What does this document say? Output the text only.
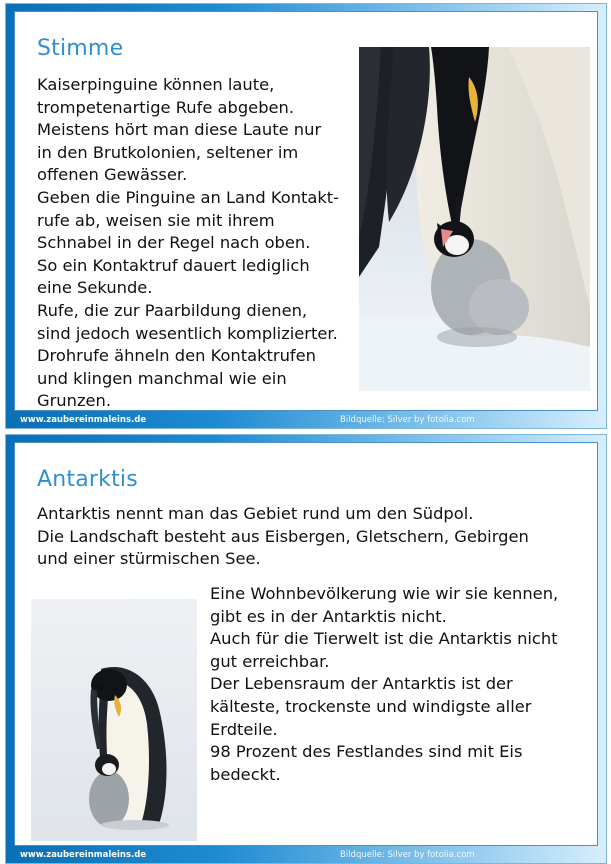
Stimme
Kaiserpinguine können laute,
trompetenartige Rufe abgeben.
Meistens hört man diese Laute nur
in den Brutkolonien, seltener im
offenen Gewässer.
Geben die Pinguine an Land Kontakt-
rufe ab, weisen sie mit ihrem
Schnabel in der Regel nach oben.
So ein Kontaktruf dauert lediglich
eine Sekunde.
Rufe, die zur Paarbildung dienen,
sind jedoch wesentlich komplizierter.
Drohrufe ähneln den Kontaktrufen
und klingen manchmal wie ein
Grunzen.
www.zaubereinmaleins.de	Bildquelle: Silver by fotolia.com
Antarktis
Antarktis nennt man das Gebiet rund um den Südpol.
Die Landschaft besteht aus Eisbergen, Gletschern, Gebirgen
und einer stürmischen See.
Eine Wohnbevölkerung wie wir sie kennen,
gibt es in der Antarktis nicht.
Auch für die Tierwelt ist die Antarktis nicht
gut erreichbar.
Der Lebensraum der Antarktis ist der
kälteste, trockenste und windigste aller
Erdteile.
98 Prozent des Festlandes sind mit Eis
bedeckt.
www.zaubereinmaleins.de	Bildquelle: Silver by fotolia.com
